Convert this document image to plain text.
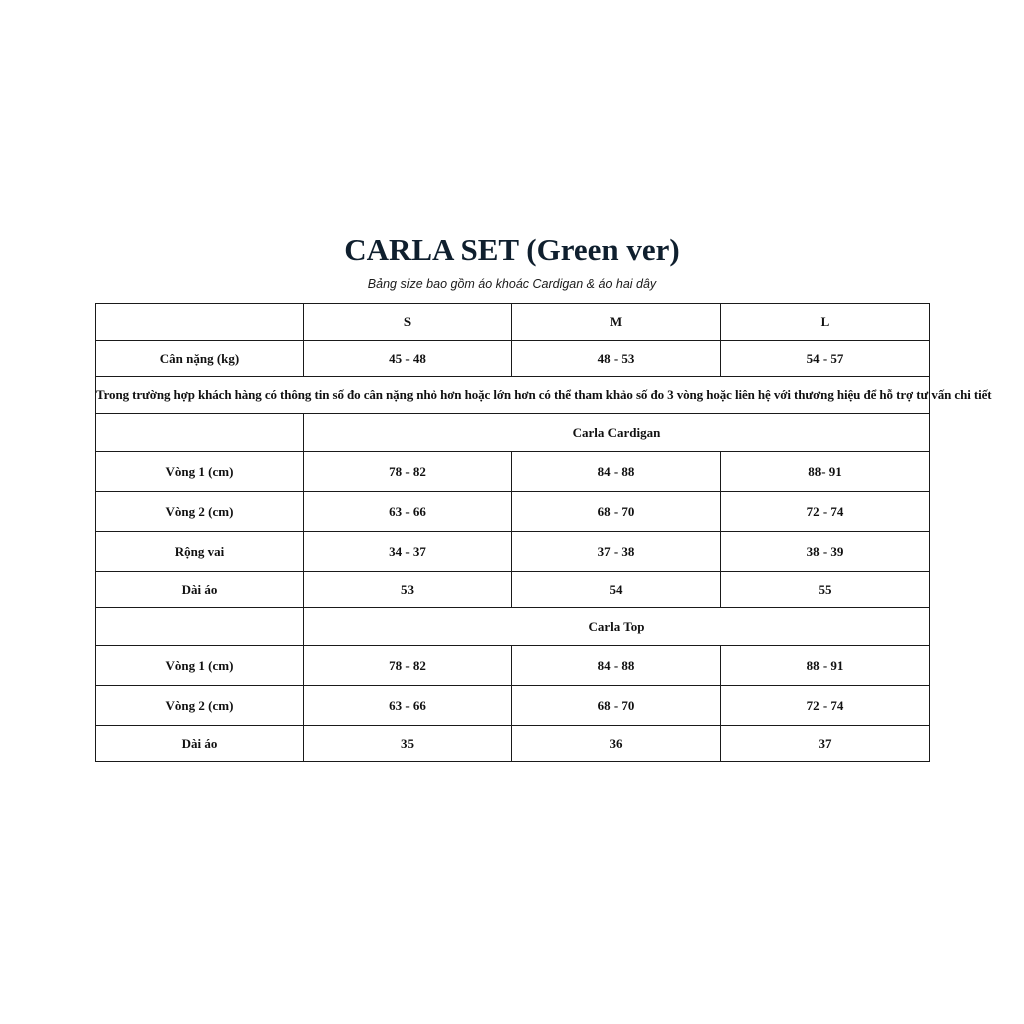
CARLA SET (Green ver)
Bảng size bao gồm áo khoác Cardigan & áo hai dây
	S	M	L
Cân nặng (kg)	45 - 48	48 - 53	54 - 57
Trong trường hợp khách hàng có thông tin số đo cân nặng nhỏ hơn hoặc lớn hơn có thể tham khảo số đo 3 vòng hoặc liên hệ với thương hiệu để hỗ trợ tư vấn chi tiết			
	Carla Cardigan		
Vòng 1 (cm)	78 - 82	84 - 88	88- 91
Vòng 2 (cm)	63 - 66	68 - 70	72 - 74
Rộng vai	34 - 37	37 - 38	38 - 39
Dài áo	53	54	55
	Carla Top		
Vòng 1 (cm)	78 - 82	84 - 88	88 - 91
Vòng 2 (cm)	63 - 66	68 - 70	72 - 74
Dài áo	35	36	37
